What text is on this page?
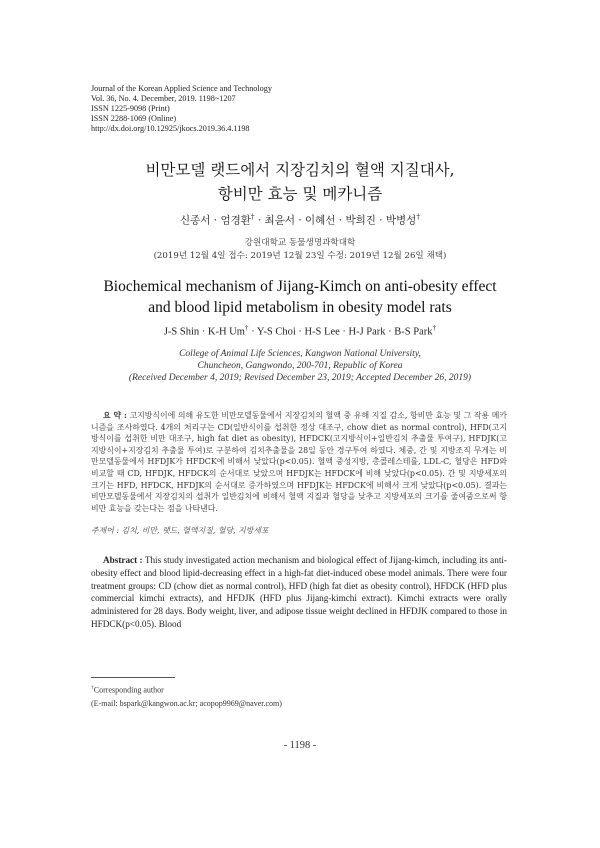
Journal of the Korean Applied Science and Technology
Vol. 36, No. 4. December, 2019. 1198~1207
ISSN 1225-9098 (Print)
ISSN 2288-1069 (Online)
http://dx.doi.org/10.12925/jkocs.2019.36.4.1198
비만모델 랫드에서 지장김치의 혈액 지질대사,
항비만 효능 및 메카니즘
신종서 · 엄경환† · 최윤서 · 이혜선 · 박희진 · 박병성†
강원대학교 동물생명과학대학
(2019년 12월 4일 접수: 2019년 12월 23일 수정: 2019년 12월 26일 채택)
Biochemical mechanism of Jijang-Kimch on anti-obesity effect
and blood lipid metabolism in obesity model rats
J-S Shin · K-H Um† · Y-S Choi · H-S Lee · H-J Park · B-S Park†
College of Animal Life Sciences, Kangwon National University,
Chuncheon, Gangwondo, 200-701, Republic of Korea
(Received December 4, 2019; Revised December 23, 2019; Accepted December 26, 2019)
요 약 : 고지방식이에 의해 유도한 비만모델동물에서 지장김치의 혈액 중 유해 지질 감소, 항비만 효능 및 그 작용 메카니즘을 조사하였다. 4개의 처리구는 CD(일반식이를 섭취한 정상 대조구, chow diet as normal control), HFD(고지방식이를 섭취한 비만 대조구, high fat diet as obesity), HFDCK(고지방식이+일반김치 추출물 투여구), HFDJK(고지방식이+지장김치 추출물 투여)로 구분하여 김치추출물을 28일 동안 경구투여 하였다. 체중, 간 및 지방조직 무게는 비만모델동물에서 HFDJK가 HFDCK에 비해서 낮았다(p<0.05). 혈액 중성지방, 총콜레스테롤, LDL-C, 혈당은 HFD와 비교할 때 CD, HFDJK, HFDCK의 순서대로 낮았으며 HFDJK는 HFDCK에 비해 낮았다(p<0.05). 간 및 지방세포의 크기는 HFD, HFDCK, HFDJK의 순서대로 증가하였으며 HFDJK는 HFDCK에 비해서 크게 낮았다(p<0.05). 결과는 비만모델동물에서 지장김치의 섭취가 일반김치에 비해서 혈액 지질과 혈당을 낮추고 지방세포의 크기를 줄여줌으로써 항비만 효능을 갖는다는 점을 나타낸다.
주제어 : 김치, 비만, 랫드, 혈액지질, 혈당, 지방세포
Abstract : This study investigated action mechanism and biological effect of Jijang-kimch, including its anti-obesity effect and blood lipid-decreasing effect in a high-fat diet-induced obese model animals. There were four treatment groups: CD (chow diet as normal control), HFD (high fat diet as obesity control), HFDCK (HFD plus commercial kimchi extracts), and HFDJK (HFD plus Jijang-kimchi extract). Kimchi extracts were orally administered for 28 days. Body weight, liver, and adipose tissue weight declined in HFDJK compared to those in HFDCK(p<0.05). Blood
†Corresponding author
(E-mail: bspark@kangwon.ac.kr; acopop9969@naver.com)
- 1198 -
